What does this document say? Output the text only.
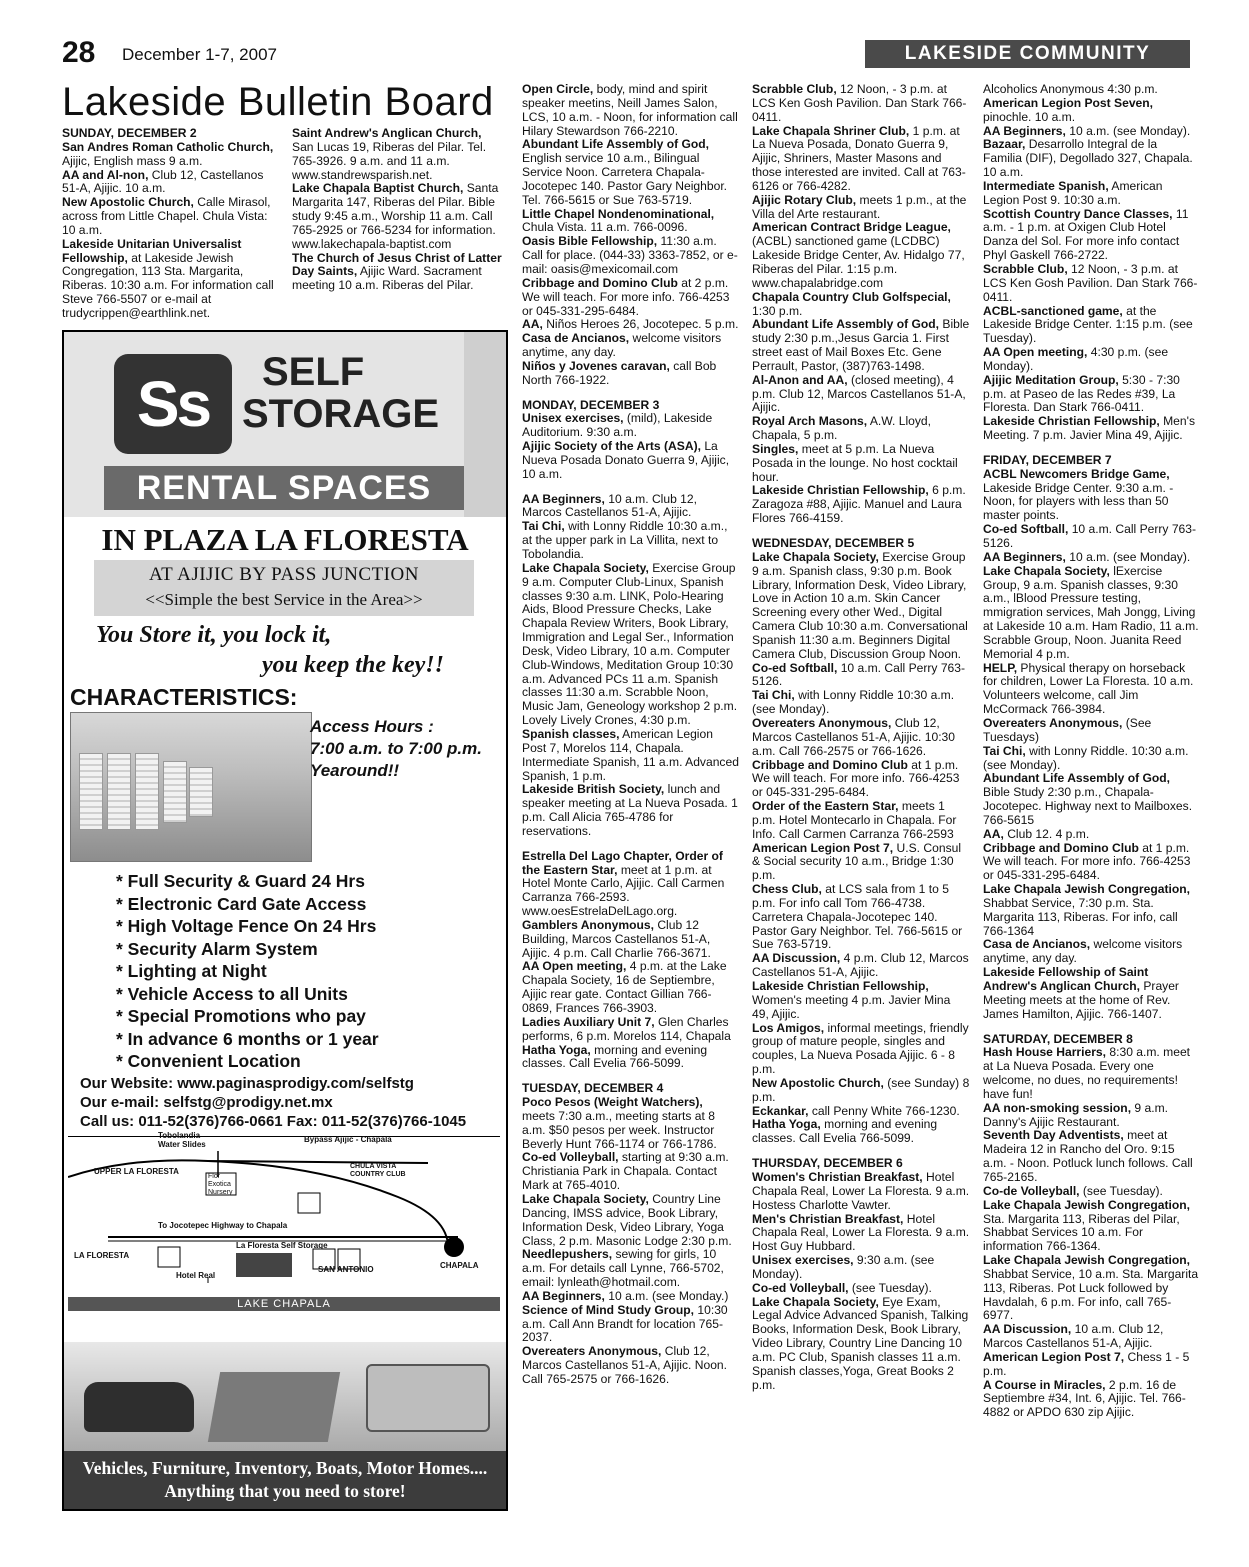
28 December 1-7, 2007	LAKESIDE COMMUNITY
Lakeside Bulletin Board

SUNDAY, DECEMBER 2

San Andres Roman Catholic Church, Ajijic, English mass 9 a.m.

AA and Al-non, Club 12, Castellanos 51-A, Ajijic. 10 a.m.

New Apostolic Church, Calle Mirasol, across from Little Chapel. Chula Vista: 10 a.m.

Lakeside Unitarian Universalist Fellowship, at Lakeside Jewish Congregation, 113 Sta. Margarita, Riberas. 10:30 a.m. For information call Steve 766-5507 or e-mail at trudycrippen@earthlink.net.

Saint Andrew's Anglican Church, San Lucas 19, Riberas del Pilar. Tel. 765-3926. 9 a.m. and 11 a.m. www.standrewsparish.net.

Lake Chapala Baptist Church, Santa Margarita 147, Riberas del Pilar. Bible study 9:45 a.m., Worship 11 a.m. Call 765-2925 or 766-5234 for information. www.lakechapala-baptist.com

The Church of Jesus Christ of Latter Day Saints, Ajijic Ward. Sacrament meeting 10 a.m. Riberas del Pilar.

Open Circle, body, mind and spirit speaker meetins, Neill James Salon, LCS, 10 a.m. - Noon, for information call Hilary Stewardson 766-2210.

Abundant Life Assembly of God, English service 10 a.m., Bilingual Service Noon. Carretera Chapala-Jocotepec 140. Pastor Gary Neighbor. Tel. 766-5615 or Sue 763-5719.

Little Chapel Nondenominational, Chula Vista. 11 a.m. 766-0096.

Oasis Bible Fellowship, 11:30 a.m. Call for place. (044-33) 3363-7852, or e-mail: oasis@mexicomail.com

Cribbage and Domino Club at 2 p.m. We will teach. For more info. 766-4253 or 045-331-295-6484.

AA, Niños Heroes 26, Jocotepec. 5 p.m.

Casa de Ancianos, welcome visitors anytime, any day.

Niños y Jovenes caravan, call Bob North 766-1922.

MONDAY, DECEMBER 3

Unisex exercises, (mild), Lakeside Auditorium. 9:30 a.m.

Ajijic Society of the Arts (ASA), La Nueva Posada Donato Guerra 9, Ajijic, 10 a.m.

AA Beginners, 10 a.m. Club 12, Marcos Castellanos 51-A, Ajijic.

Tai Chi, with Lonny Riddle 10:30 a.m., at the upper park in La Villita, next to Tobolandia.

Lake Chapala Society, Exercise Group 9 a.m. Computer Club-Linux, Spanish classes 9:30 a.m. LINK, Polo-Hearing Aids, Blood Pressure Checks, Lake Chapala Review Writers, Book Library, Immigration and Legal Ser., Information Desk, Video Library, 10 a.m. Computer Club-Windows, Meditation Group 10:30 a.m. Advanced PCs 11 a.m. Spanish classes 11:30 a.m. Scrabble Noon, Music Jam, Geneology workshop 2 p.m. Lovely Lively Crones, 4:30 p.m.

Spanish classes, American Legion Post 7, Morelos 114, Chapala. Intermediate Spanish, 11 a.m. Advanced Spanish, 1 p.m.

Lakeside British Society, lunch and speaker meeting at La Nueva Posada. 1 p.m. Call Alicia 765-4786 for reservations.

Estrella Del Lago Chapter, Order of the Eastern Star, meet at 1 p.m. at Hotel Monte Carlo, Ajijic. Call Carmen Carranza 766-2593. www.oesEstrelaDelLago.org.

Gamblers Anonymous, Club 12 Building, Marcos Castellanos 51-A, Ajijic. 4 p.m. Call Charlie 766-3671.

AA Open meeting, 4 p.m. at the Lake Chapala Society, 16 de Septiembre, Ajijic rear gate. Contact Gillian 766-0869, Frances 766-3903.

Ladies Auxiliary Unit 7, Glen Charles performs, 6 p.m. Morelos 114, Chapala

Hatha Yoga, morning and evening classes. Call Evelia 766-5099.

TUESDAY, DECEMBER 4

Poco Pesos (Weight Watchers), meets 7:30 a.m., meeting starts at 8 a.m. $50 pesos per week. Instructor Beverly Hunt 766-1174 or 766-1786.

Co-ed Volleyball, starting at 9:30 a.m. Christiania Park in Chapala. Contact Mark at 765-4010.

Lake Chapala Society, Country Line Dancing, IMSS advice, Book Library, Information Desk, Video Library, Yoga Class, 2 p.m. Masonic Lodge 2:30 p.m.

Needlepushers, sewing for girls, 10 a.m. For details call Lynne, 766-5702, email: lynleath@hotmail.com.

AA Beginners, 10 a.m. (see Monday.)

Science of Mind Study Group, 10:30 a.m. Call Ann Brandt for location 765-2037.

Overeaters Anonymous, Club 12, Marcos Castellanos 51-A, Ajijic. Noon. Call 765-2575 or 766-1626.

Scrabble Club, 12 Noon, - 3 p.m. at LCS Ken Gosh Pavilion. Dan Stark 766-0411.

Lake Chapala Shriner Club, 1 p.m. at La Nueva Posada, Donato Guerra 9, Ajijic, Shriners, Master Masons and those interested are invited. Call at 763-6126 or 766-4282.

Ajijic Rotary Club, meets 1 p.m., at the Villa del Arte restaurant.

American Contract Bridge League, (ACBL) sanctioned game (LCDBC) Lakeside Bridge Center, Av. Hidalgo 77, Riberas del Pilar. 1:15 p.m. www.chapalabridge.com

Chapala Country Club Golfspecial, 1:30 p.m.

Abundant Life Assembly of God, Bible study 2:30 p.m.,Jesus Garcia 1. First street east of Mail Boxes Etc. Gene Perrault, Pastor, (387)763-1498.

Al-Anon and AA, (closed meeting), 4 p.m. Club 12, Marcos Castellanos 51-A, Ajijic.

Royal Arch Masons, A.W. Lloyd, Chapala, 5 p.m.

Singles, meet at 5 p.m. La Nueva Posada in the lounge. No host cocktail hour.

Lakeside Christian Fellowship, 6 p.m. Zaragoza #88, Ajijic. Manuel and Laura Flores 766-4159.

WEDNESDAY, DECEMBER 5

Lake Chapala Society, Exercise Group 9 a.m. Spanish class, 9:30 p.m. Book Library, Information Desk, Video Library, Love in Action 10 a.m. Skin Cancer Screening every other Wed., Digital Camera Club 10:30 a.m. Conversational Spanish 11:30 a.m. Beginners Digital Camera Club, Discussion Group Noon.

Co-ed Softball, 10 a.m. Call Perry 763-5126.

Tai Chi, with Lonny Riddle 10:30 a.m. (see Monday).

Overeaters Anonymous, Club 12, Marcos Castellanos 51-A, Ajijic. 10:30 a.m. Call 766-2575 or 766-1626.

Cribbage and Domino Club at 1 p.m. We will teach. For more info. 766-4253 or 045-331-295-6484.

Order of the Eastern Star, meets 1 p.m. Hotel Montecarlo in Chapala. For Info. Call Carmen Carranza 766-2593

American Legion Post 7, U.S. Consul & Social security 10 a.m., Bridge 1:30 p.m.

Chess Club, at LCS sala from 1 to 5 p.m. For info call Tom 766-4738. Carretera Chapala-Jocotepec 140. Pastor Gary Neighbor. Tel. 766-5615 or Sue 763-5719.

AA Discussion, 4 p.m. Club 12, Marcos Castellanos 51-A, Ajijic.

Lakeside Christian Fellowship, Women's meeting 4 p.m. Javier Mina 49, Ajijic.

Los Amigos, informal meetings, friendly group of mature people, singles and couples, La Nueva Posada Ajijic. 6 - 8 p.m.

New Apostolic Church, (see Sunday) 8 p.m.

Eckankar, call Penny White 766-1230.

Hatha Yoga, morning and evening classes. Call Evelia 766-5099.

THURSDAY, DECEMBER 6

Women's Christian Breakfast, Hotel Chapala Real, Lower La Floresta. 9 a.m. Hostess Charlotte Vawter.

Men's Christian Breakfast, Hotel Chapala Real, Lower La Floresta. 9 a.m. Host Guy Hubbard.

Unisex exercises, 9:30 a.m. (see Monday).

Co-ed Volleyball, (see Tuesday).

Lake Chapala Society, Eye Exam, Legal Advice Advanced Spanish, Talking Books, Information Desk, Book Library, Video Library, Country Line Dancing 10 a.m. PC Club, Spanish classes 11 a.m. Spanish classes,Yoga, Great Books 2 p.m.

Alcoholics Anonymous 4:30 p.m.

American Legion Post Seven, pinochle. 10 a.m.

AA Beginners, 10 a.m. (see Monday).

Bazaar, Desarrollo Integral de la Familia (DIF), Degollado 327, Chapala. 10 a.m.

Intermediate Spanish, American Legion Post 9. 10:30 a.m.

Scottish Country Dance Classes, 11 a.m. - 1 p.m. at Oxigen Club Hotel Danza del Sol. For more info contact Phyl Gaskell 766-2722.

Scrabble Club, 12 Noon, - 3 p.m. at LCS Ken Gosh Pavilion. Dan Stark 766-0411.

ACBL-sanctioned game, at the Lakeside Bridge Center. 1:15 p.m. (see Tuesday).

AA Open meeting, 4:30 p.m. (see Monday).

Ajijic Meditation Group, 5:30 - 7:30 p.m. at Paseo de las Redes #39, La Floresta. Dan Stark 766-0411.

Lakeside Christian Fellowship, Men's Meeting. 7 p.m. Javier Mina 49, Ajijic.

FRIDAY, DECEMBER 7

ACBL Newcomers Bridge Game, Lakeside Bridge Center. 9:30 a.m. - Noon, for players with less than 50 master points.

Co-ed Softball, 10 a.m. Call Perry 763-5126.

AA Beginners, 10 a.m. (see Monday).

Lake Chapala Society, lExercise Group, 9 a.m. Spanish classes, 9:30 a.m., lBlood Pressure testing, mmigration services, Mah Jongg, Living at Lakeside 10 a.m. Ham Radio, 11 a.m. Scrabble Group, Noon. Juanita Reed Memorial 4 p.m.

HELP, Physical therapy on horseback for children, Lower La Floresta. 10 a.m. Volunteers welcome, call Jim McCormack 766-3984.

Overeaters Anonymous, (See Tuesdays)

Tai Chi, with Lonny Riddle. 10:30 a.m. (see Monday).

Abundant Life Assembly of God, Bible Study 2:30 p.m., Chapala-Jocotepec. Highway next to Mailboxes. 766-5615

AA, Club 12. 4 p.m.

Cribbage and Domino Club at 1 p.m. We will teach. For more info. 766-4253 or 045-331-295-6484.

Lake Chapala Jewish Congregation, Shabbat Service, 7:30 p.m. Sta. Margarita 113, Riberas. For info, call 766-1364

Casa de Ancianos, welcome visitors anytime, any day.

Lakeside Fellowship of Saint Andrew's Anglican Church, Prayer Meeting meets at the home of Rev. James Hamilton, Ajijic. 766-1407.

SATURDAY, DECEMBER 8

Hash House Harriers, 8:30 a.m. meet at La Nueva Posada. Every one welcome, no dues, no requirements! have fun!

AA non-smoking session, 9 a.m. Danny's Ajijic Restaurant.

Seventh Day Adventists, meet at Madeira 12 in Rancho del Oro. 9:15 a.m. - Noon. Potluck lunch follows. Call 765-2165.

Co-de Volleyball, (see Tuesday).

Lake Chapala Jewish Congregation, Sta. Margarita 113, Riberas del Pilar, Shabbat Services 10 a.m. For information 766-1364.

Lake Chapala Jewish Congregation, Shabbat Service, 10 a.m. Sta. Margarita 113, Riberas. Pot Luck followed by Havdalah, 6 p.m. For info, call 765-6977.

AA Discussion, 10 a.m. Club 12, Marcos Castellanos 51-A, Ajijic.

American Legion Post 7, Chess 1 - 5 p.m.

A Course in Miracles, 2 p.m. 16 de Septiembre #34, Int. 6, Ajijic. Tel. 766-4882 or APDO 630 zip Ajijic.

Ss	SELF
STORAGE
RENTAL SPACES
IN PLAZA LA FLORESTA
AT AJIJIC BY PASS JUNCTION
<<Simple the best Service in the Area>>
You Store it, you lock it,
you keep the key!!
CHARACTERISTICS:
Access Hours :
7:00 a.m. to 7:00 p.m.
Yearound!!
* Full Security & Guard 24 Hrs
* Electronic Card Gate Access
* High Voltage Fence On 24 Hrs
* Security Alarm System
* Lighting at Night
* Vehicle Access to all Units
* Special Promotions who pay
* In advance 6 months or 1 year
* Convenient Location
Our Website: www.paginasprodigy.com/selfstg
Our e-mail: selfstg@prodigy.net.mx
Call us: 011-52(376)766-0661 Fax: 011-52(376)766-1045
Tobolandia Water Slides
Bypass Ajijic - Chapala
UPPER LA FLORESTA
Flor Exotica Nursery
CHULA VISTA COUNTRY CLUB
To Jocotepec Highway to Chapala
La Floresta Self Storage
LA FLORESTA
Hotel Real
SAN ANTONIO	CHAPALA
LAKE CHAPALA
Vehicles, Furniture, Inventory, Boats, Motor Homes....
Anything that you need to store!
